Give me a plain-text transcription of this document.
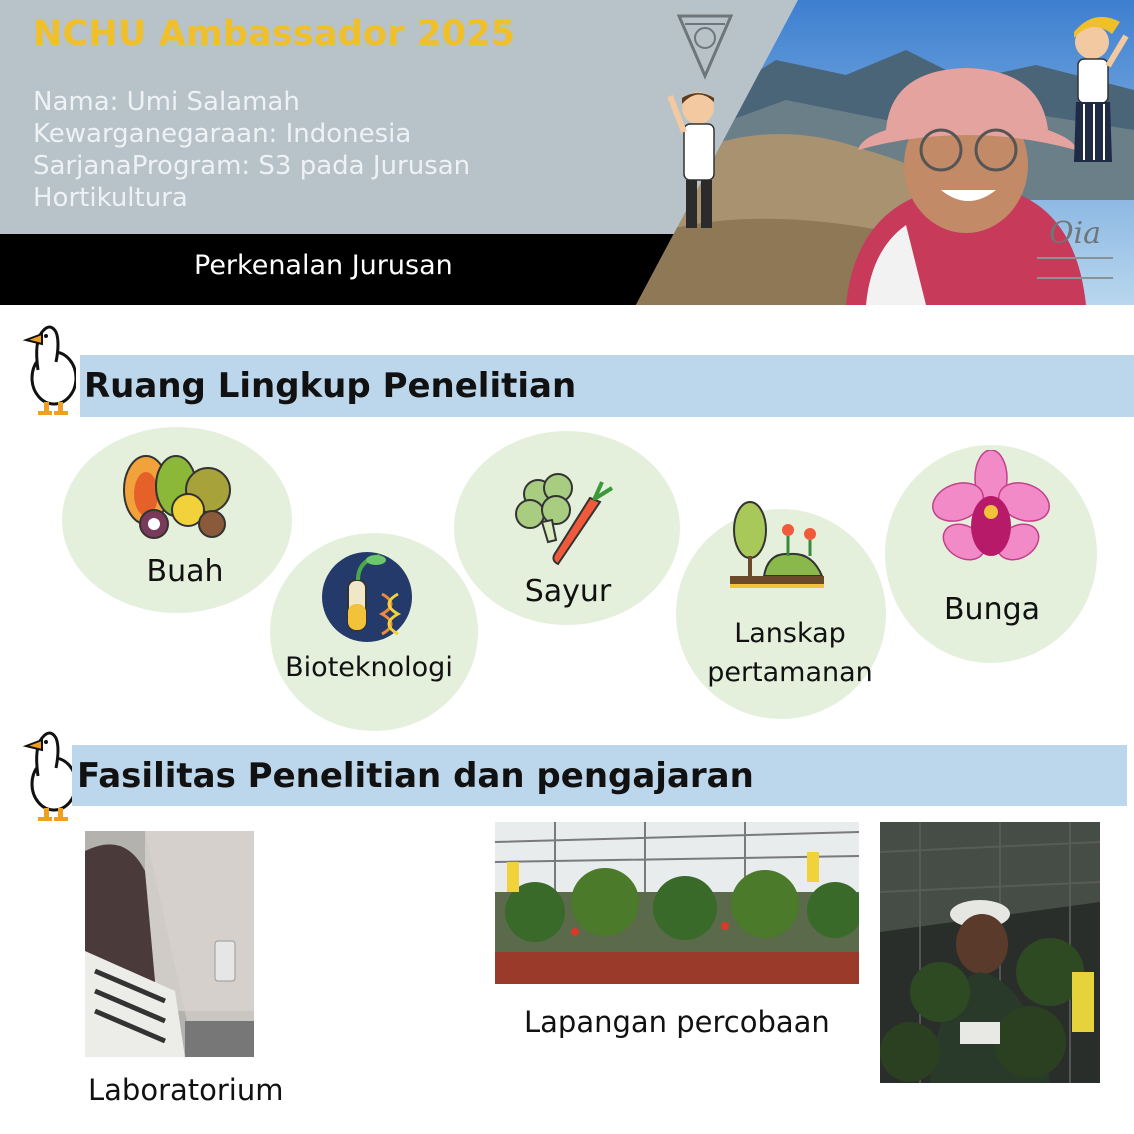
NCHU Ambassador 2025
Nama: Umi Salamah
Kewarganegaraan: Indonesia
SarjanaProgram: S3 pada Jurusan
Hortikultura
Perkenalan Jurusan
Oia
Ruang Lingkup Penelitian
Buah
Bioteknologi
Sayur
Lanskap
pertamanan
Bunga
Fasilitas Penelitian dan pengajaran
Laboratorium
Lapangan percobaan
